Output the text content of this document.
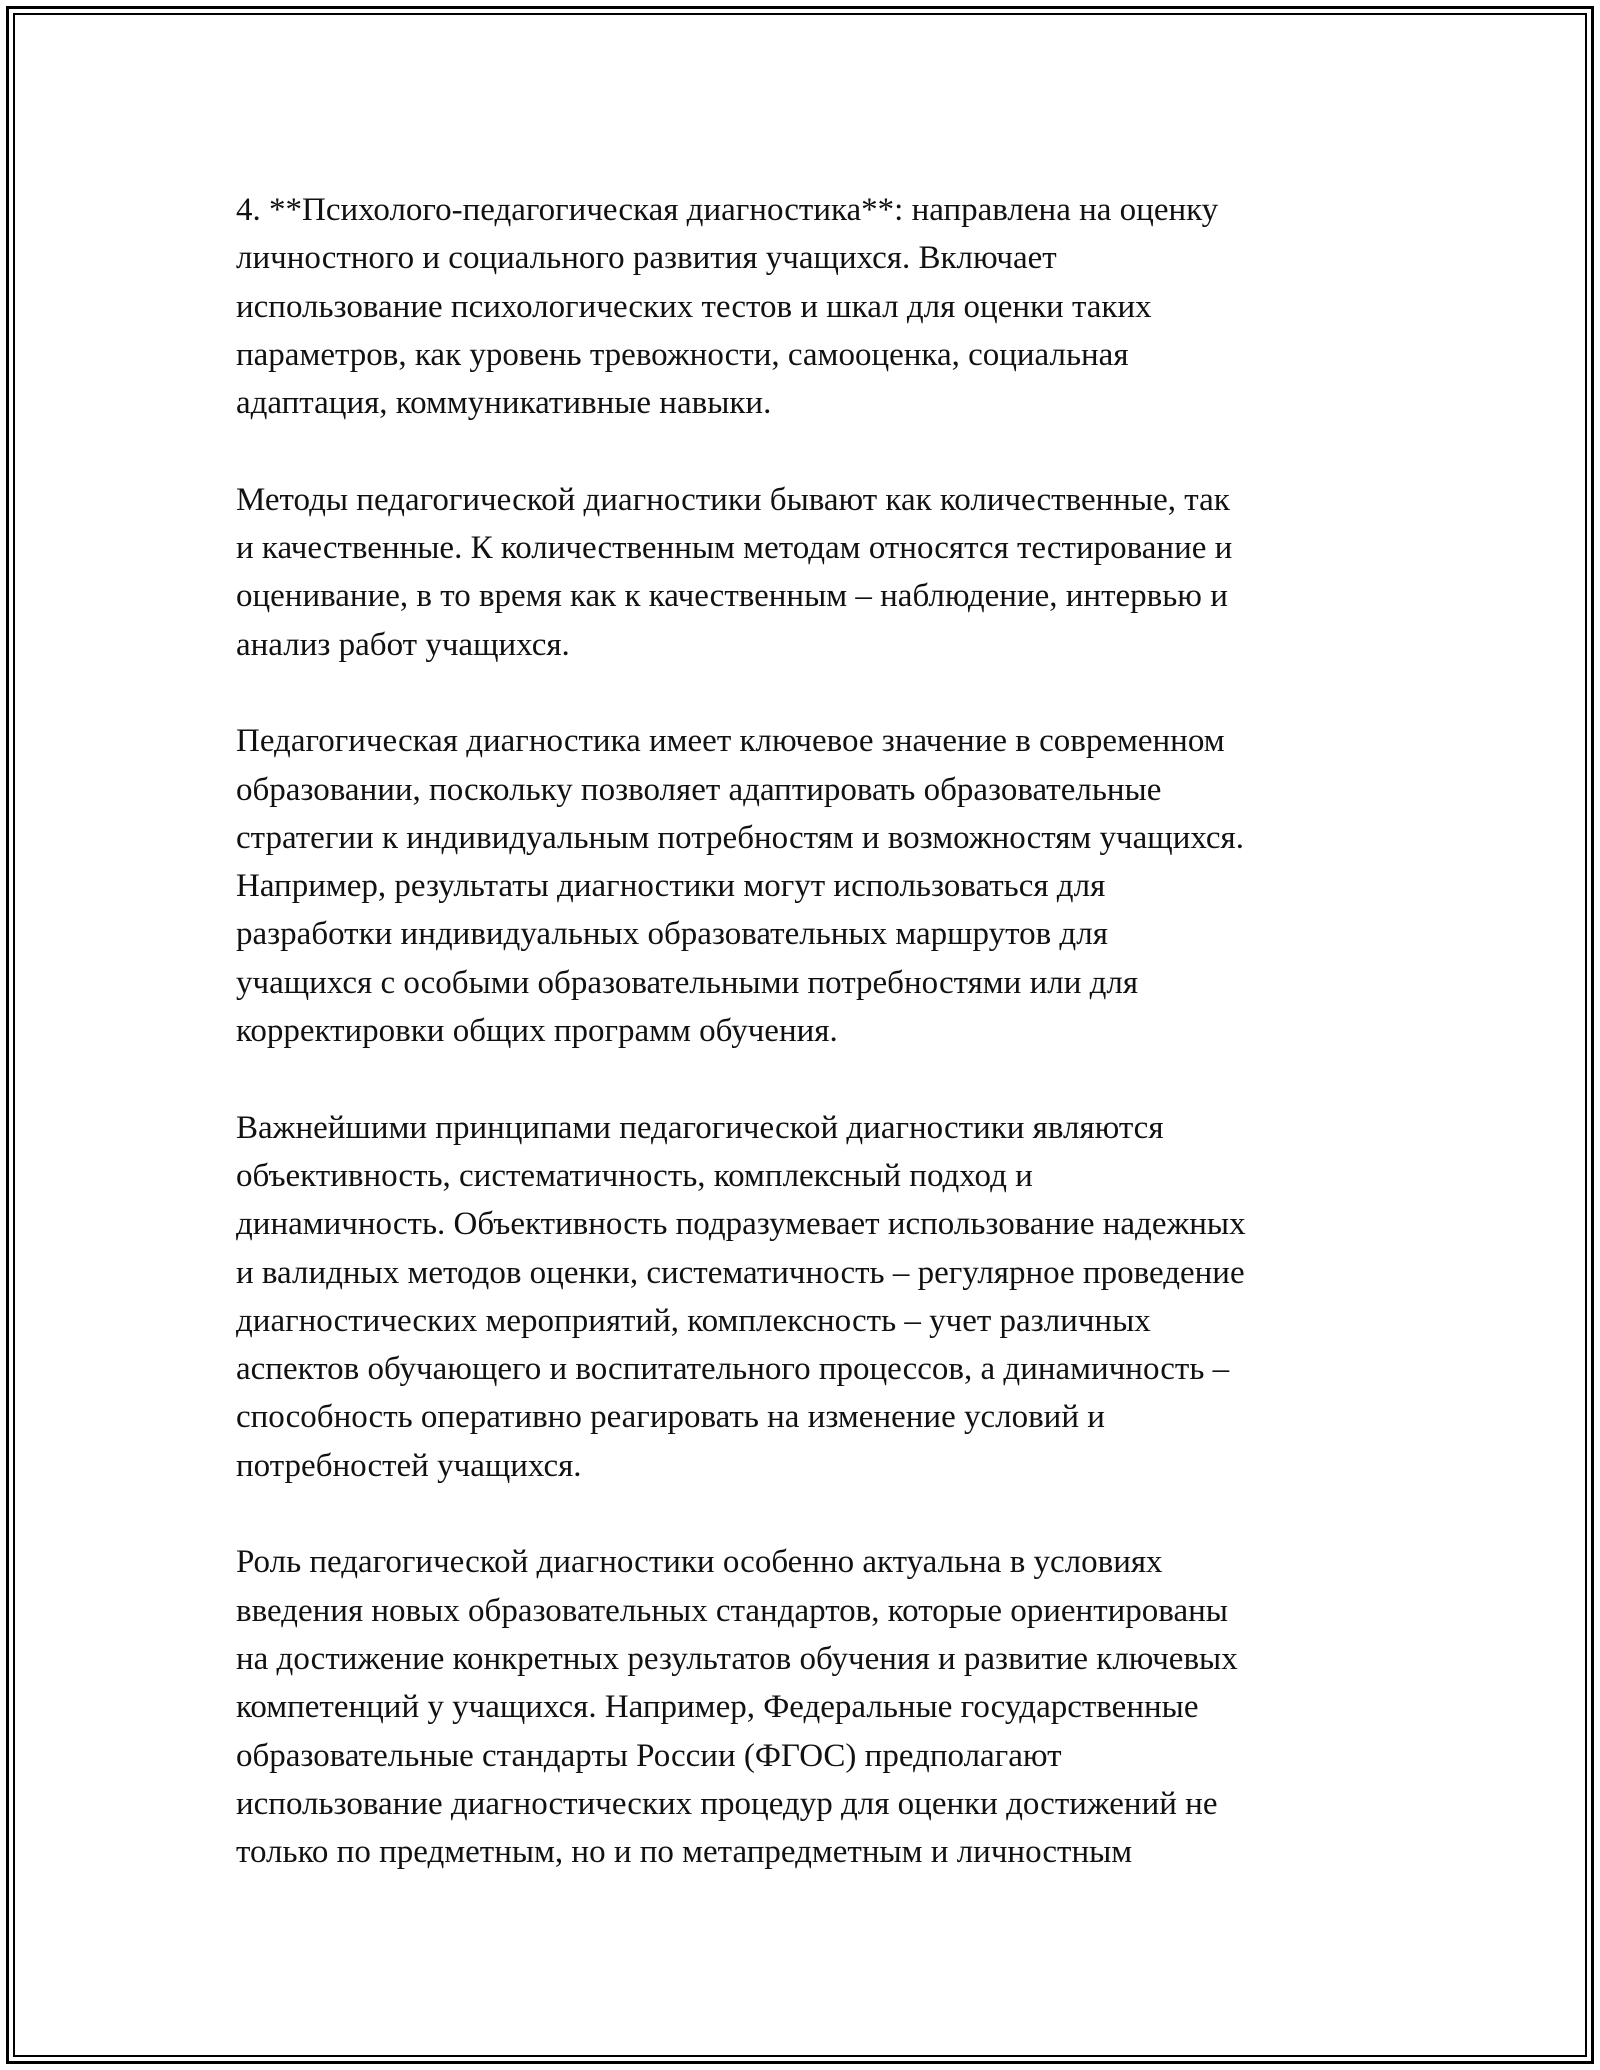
4. **Психолого-педагогическая диагностика**: направлена на оценку
личностного и социального развития учащихся. Включает
использование психологических тестов и шкал для оценки таких
параметров, как уровень тревожности, самооценка, социальная
адаптация, коммуникативные навыки.

Методы педагогической диагностики бывают как количественные, так
и качественные. К количественным методам относятся тестирование и
оценивание, в то время как к качественным – наблюдение, интервью и
анализ работ учащихся.

Педагогическая диагностика имеет ключевое значение в современном
образовании, поскольку позволяет адаптировать образовательные
стратегии к индивидуальным потребностям и возможностям учащихся.
Например, результаты диагностики могут использоваться для
разработки индивидуальных образовательных маршрутов для
учащихся с особыми образовательными потребностями или для
корректировки общих программ обучения.

Важнейшими принципами педагогической диагностики являются
объективность, систематичность, комплексный подход и
динамичность. Объективность подразумевает использование надежных
и валидных методов оценки, систематичность – регулярное проведение
диагностических мероприятий, комплексность – учет различных
аспектов обучающего и воспитательного процессов, а динамичность –
способность оперативно реагировать на изменение условий и
потребностей учащихся.

Роль педагогической диагностики особенно актуальна в условиях
введения новых образовательных стандартов, которые ориентированы
на достижение конкретных результатов обучения и развитие ключевых
компетенций у учащихся. Например, Федеральные государственные
образовательные стандарты России (ФГОС) предполагают
использование диагностических процедур для оценки достижений не
только по предметным, но и по метапредметным и личностным
